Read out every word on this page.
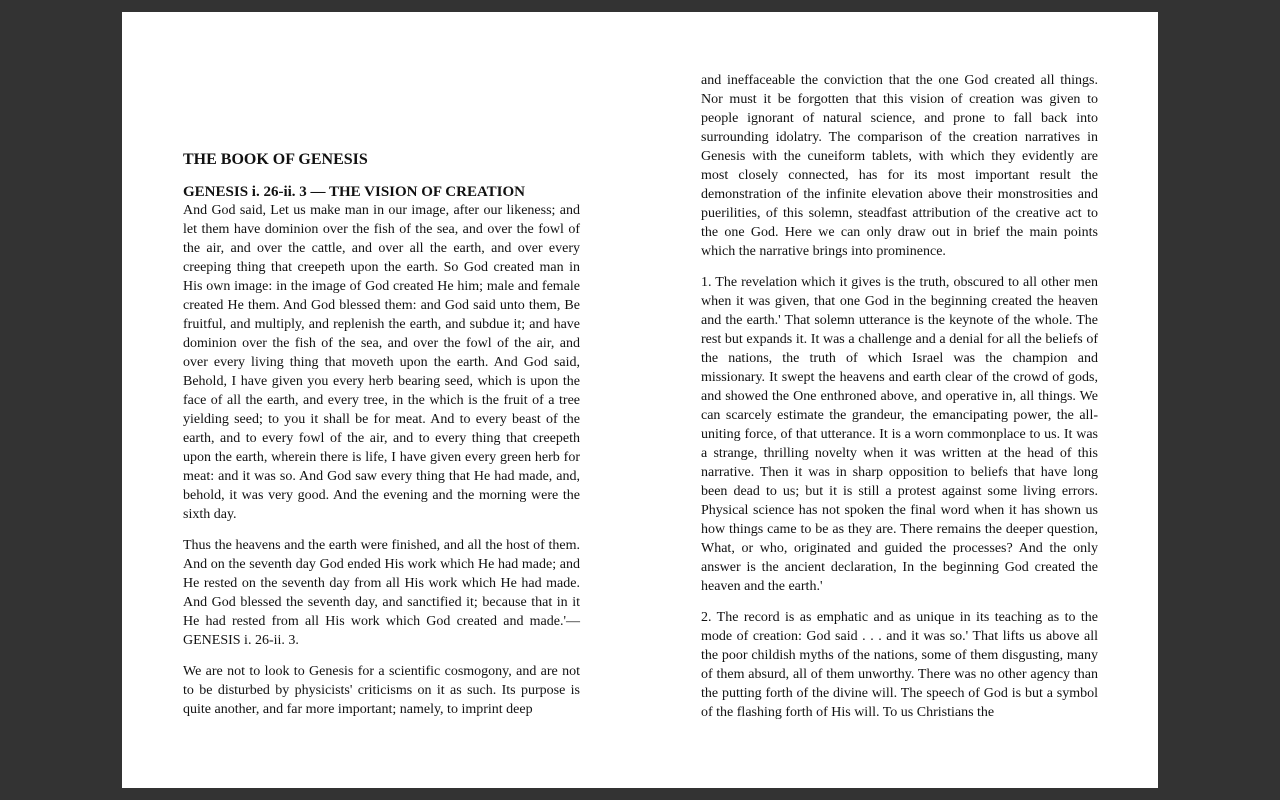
THE BOOK OF GENESIS
GENESIS i. 26-ii. 3 — THE VISION OF CREATION

And God said, Let us make man in our image, after our likeness; and let them have dominion over the fish of the sea, and over the fowl of the air, and over the cattle, and over all the earth, and over every creeping thing that creepeth upon the earth. So God created man in His own image: in the image of God created He him; male and female created He them. And God blessed them: and God said unto them, Be fruitful, and multiply, and replenish the earth, and subdue it; and have dominion over the fish of the sea, and over the fowl of the air, and over every living thing that moveth upon the earth. And God said, Behold, I have given you every herb bearing seed, which is upon the face of all the earth, and every tree, in the which is the fruit of a tree yielding seed; to you it shall be for meat. And to every beast of the earth, and to every fowl of the air, and to every thing that creepeth upon the earth, wherein there is life, I have given every green herb for meat: and it was so. And God saw every thing that He had made, and, behold, it was very good. And the evening and the morning were the sixth day.

Thus the heavens and the earth were finished, and all the host of them. And on the seventh day God ended His work which He had made; and He rested on the seventh day from all His work which He had made. And God blessed the seventh day, and sanctified it; because that in it He had rested from all His work which God created and made.'—GENESIS i. 26-ii. 3.

We are not to look to Genesis for a scientific cosmogony, and are not to be disturbed by physicists' criticisms on it as such. Its purpose is quite another, and far more important; namely, to imprint deep

and ineffaceable the conviction that the one God created all things. Nor must it be forgotten that this vision of creation was given to people ignorant of natural science, and prone to fall back into surrounding idolatry. The comparison of the creation narratives in Genesis with the cuneiform tablets, with which they evidently are most closely connected, has for its most important result the demonstration of the infinite elevation above their monstrosities and puerilities, of this solemn, steadfast attribution of the creative act to the one God. Here we can only draw out in brief the main points which the narrative brings into prominence.

1. The revelation which it gives is the truth, obscured to all other men when it was given, that one God in the beginning created the heaven and the earth.' That solemn utterance is the keynote of the whole. The rest but expands it. It was a challenge and a denial for all the beliefs of the nations, the truth of which Israel was the champion and missionary. It swept the heavens and earth clear of the crowd of gods, and showed the One enthroned above, and operative in, all things. We can scarcely estimate the grandeur, the emancipating power, the all-uniting force, of that utterance. It is a worn commonplace to us. It was a strange, thrilling novelty when it was written at the head of this narrative. Then it was in sharp opposition to beliefs that have long been dead to us; but it is still a protest against some living errors. Physical science has not spoken the final word when it has shown us how things came to be as they are. There remains the deeper question, What, or who, originated and guided the processes? And the only answer is the ancient declaration, In the beginning God created the heaven and the earth.'

2. The record is as emphatic and as unique in its teaching as to the mode of creation: God said . . . and it was so.' That lifts us above all the poor childish myths of the nations, some of them disgusting, many of them absurd, all of them unworthy. There was no other agency than the putting forth of the divine will. The speech of God is but a symbol of the flashing forth of His will. To us Christians the
